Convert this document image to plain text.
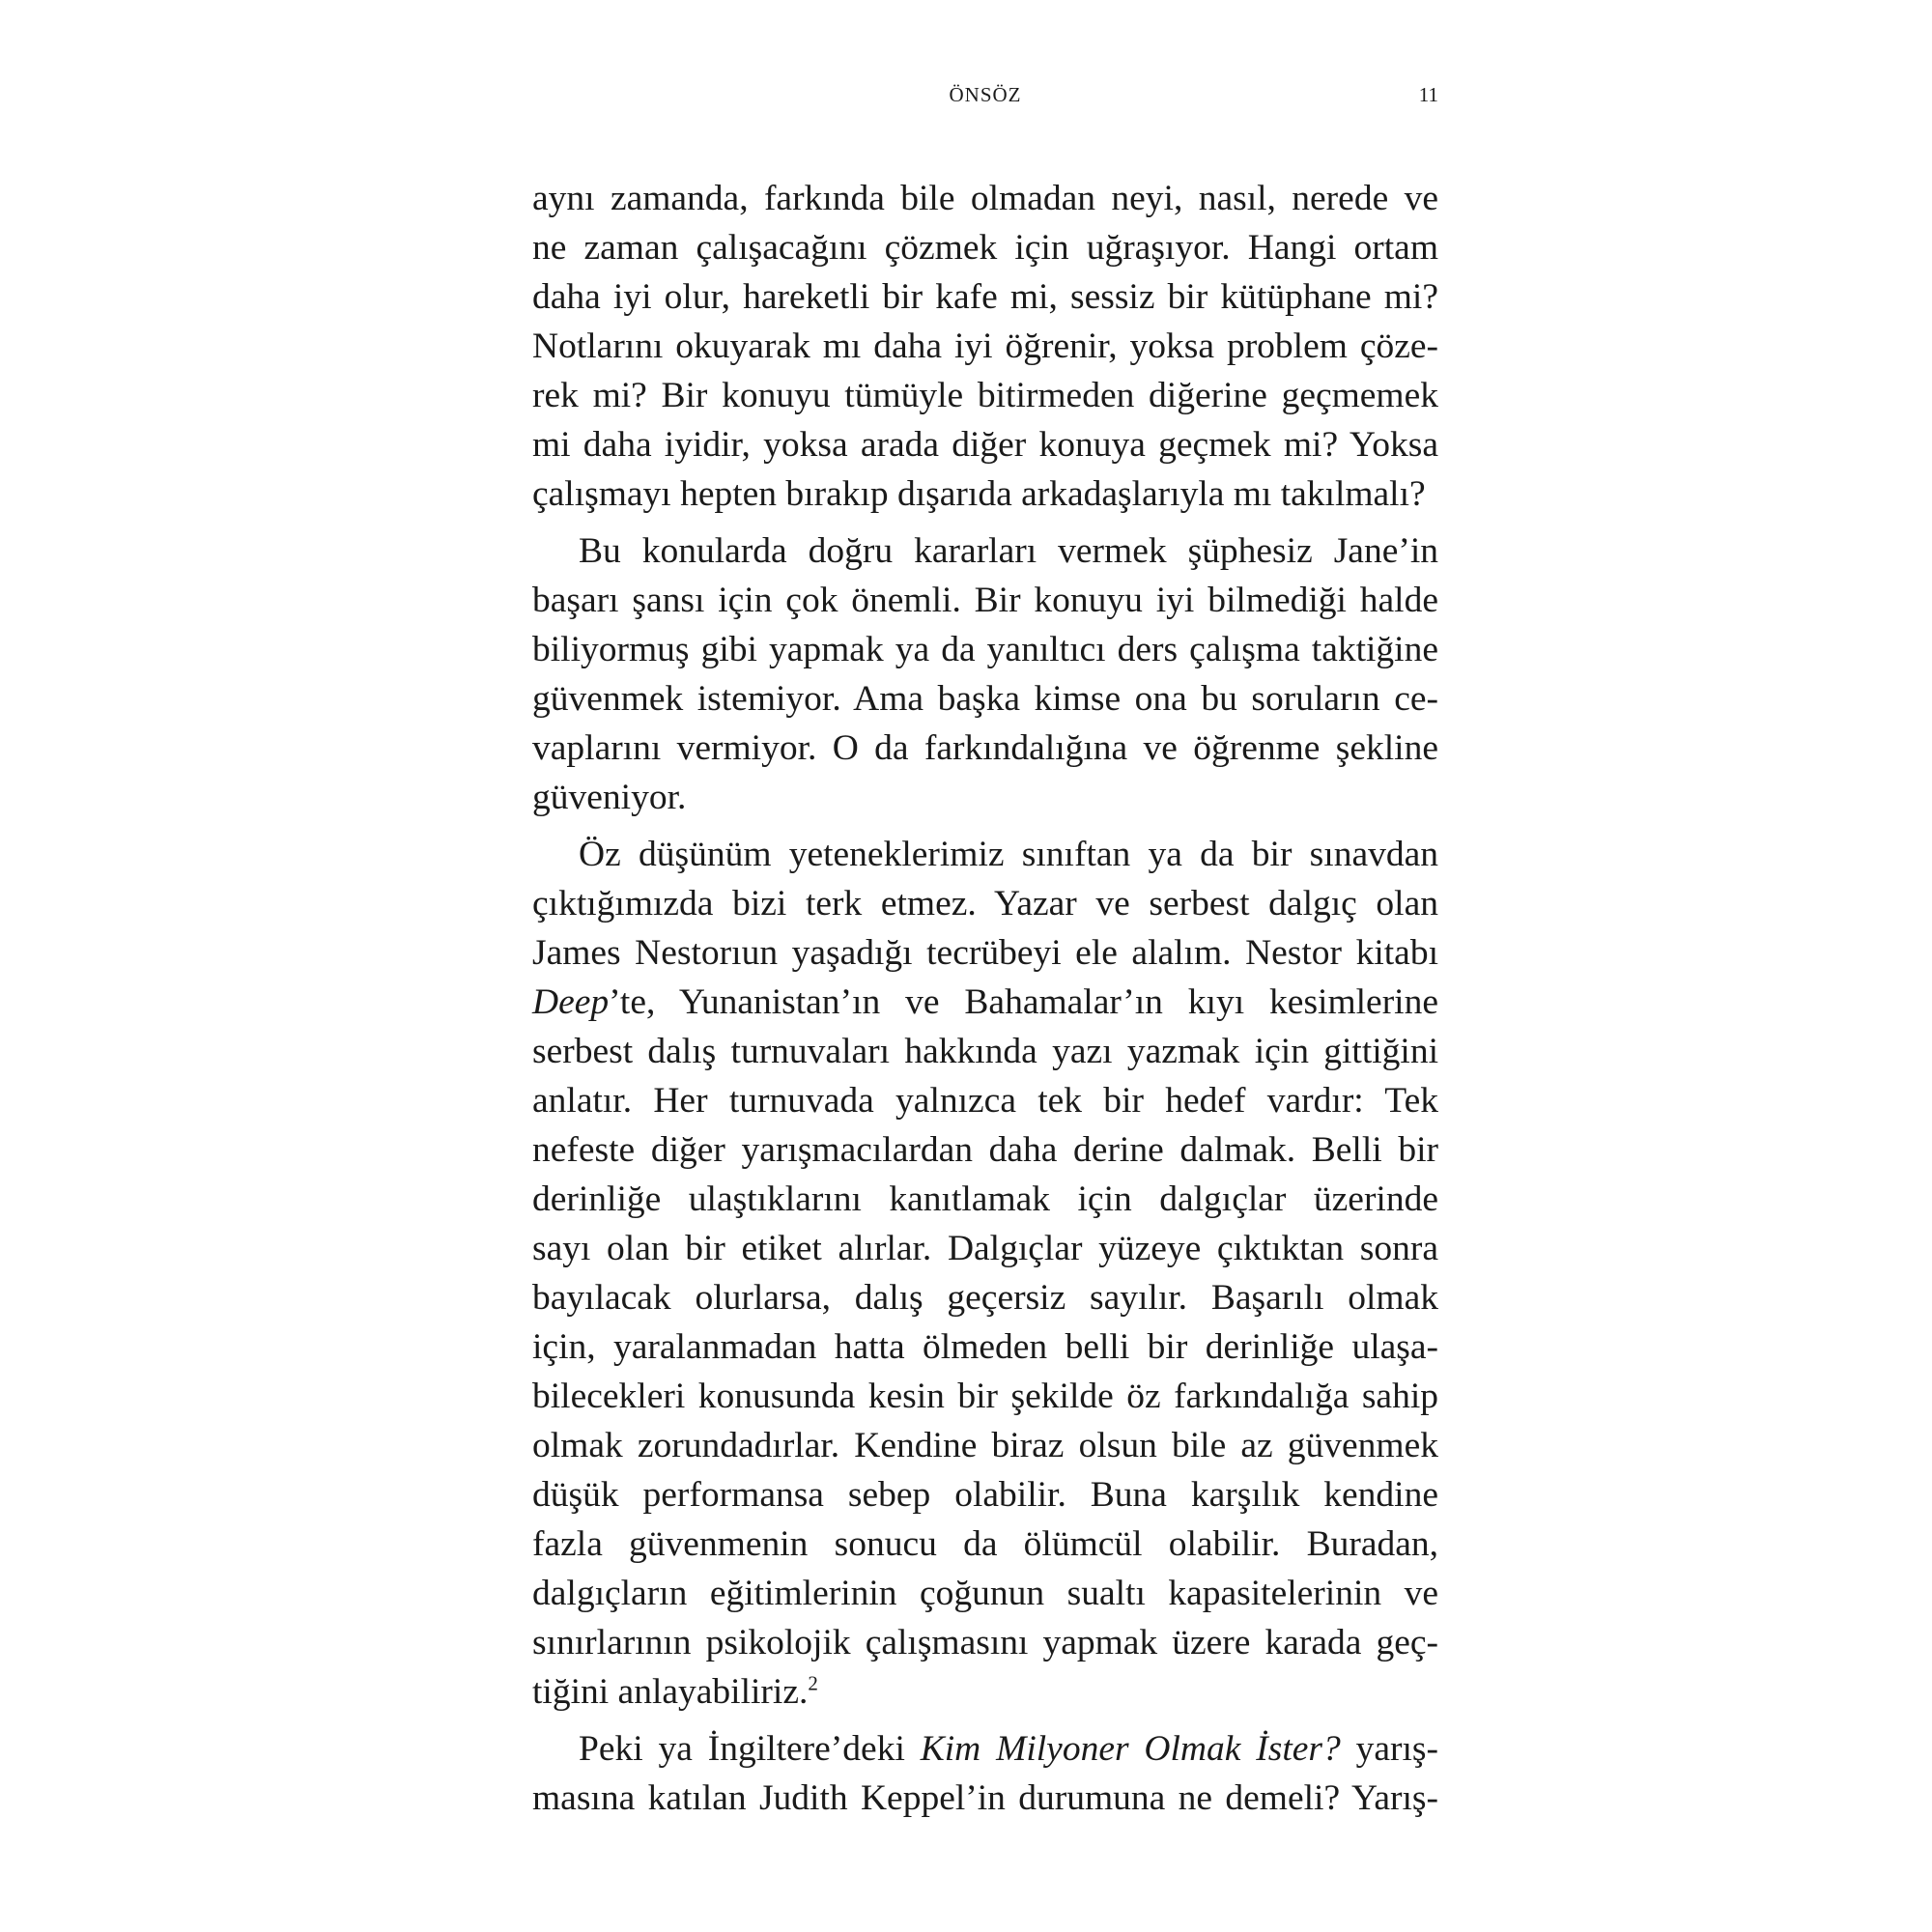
ÖNSÖZ	11
aynı zamanda, farkında bile olmadan neyi, nasıl, nerede ve
ne zaman çalışacağını çözmek için uğraşıyor. Hangi ortam
daha iyi olur, hareketli bir kafe mi, sessiz bir kütüphane mi?
Notlarını okuyarak mı daha iyi öğrenir, yoksa problem çöze-
rek mi? Bir konuyu tümüyle bitirmeden diğerine geçmemek
mi daha iyidir, yoksa arada diğer konuya geçmek mi? Yoksa
çalışmayı hepten bırakıp dışarıda arkadaşlarıyla mı takılmalı?
Bu konularda doğru kararları vermek şüphesiz Jane’in
başarı şansı için çok önemli. Bir konuyu iyi bilmediği halde
biliyormuş gibi yapmak ya da yanıltıcı ders çalışma taktiğine
güvenmek istemiyor. Ama başka kimse ona bu soruların ce-
vaplarını vermiyor. O da farkındalığına ve öğrenme şekline
güveniyor.
Öz düşünüm yeteneklerimiz sınıftan ya da bir sınavdan
çıktığımızda bizi terk etmez. Yazar ve serbest dalgıç olan
James Nestorıun yaşadığı tecrübeyi ele alalım. Nestor kitabı
Deep’te, Yunanistan’ın ve Bahamalar’ın kıyı kesimlerine
serbest dalış turnuvaları hakkında yazı yazmak için gittiğini
anlatır. Her turnuvada yalnızca tek bir hedef vardır: Tek
nefeste diğer yarışmacılardan daha derine dalmak. Belli bir
derinliğe ulaştıklarını kanıtlamak için dalgıçlar üzerinde
sayı olan bir etiket alırlar. Dalgıçlar yüzeye çıktıktan sonra
bayılacak olurlarsa, dalış geçersiz sayılır. Başarılı olmak
için, yaralanmadan hatta ölmeden belli bir derinliğe ulaşa-
bilecekleri konusunda kesin bir şekilde öz farkındalığa sahip
olmak zorundadırlar. Kendine biraz olsun bile az güvenmek
düşük performansa sebep olabilir. Buna karşılık kendine
fazla güvenmenin sonucu da ölümcül olabilir. Buradan,
dalgıçların eğitimlerinin çoğunun sualtı kapasitelerinin ve
sınırlarının psikolojik çalışmasını yapmak üzere karada geç-
tiğini anlayabiliriz.$^2$
Peki ya İngiltere’deki Kim Milyoner Olmak İster? yarış-
masına katılan Judith Keppel’in durumuna ne demeli? Yarış-
